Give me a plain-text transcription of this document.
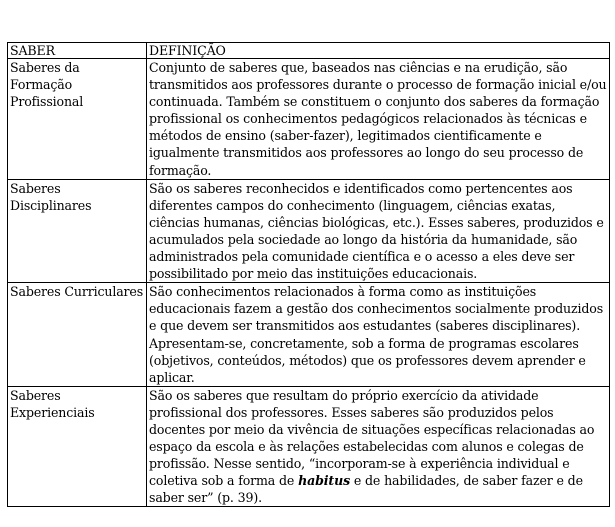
SABER	DEFINIÇÃO
Saberes da Formação Profissional	Conjunto de saberes que, baseados nas ciências e na erudição, são transmitidos aos professores durante o processo de formação inicial e/ou continuada. Também se constituem o conjunto dos saberes da formação profissional os conhecimentos pedagógicos relacionados às técnicas e métodos de ensino (saber-fazer), legitimados cientificamente e igualmente transmitidos aos professores ao longo do seu processo de formação.
Saberes Disciplinares	São os saberes reconhecidos e identificados como pertencentes aos diferentes campos do conhecimento (linguagem, ciências exatas, ciências humanas, ciências biológicas, etc.). Esses saberes, produzidos e acumulados pela sociedade ao longo da história da humanidade, são administrados pela comunidade científica e o acesso a eles deve ser possibilitado por meio das instituições educacionais.
Saberes Curriculares	São conhecimentos relacionados à forma como as instituições educacionais fazem a gestão dos conhecimentos socialmente produzidos e que devem ser transmitidos aos estudantes (saberes disciplinares). Apresentam-se, concretamente, sob a forma de programas escolares (objetivos, conteúdos, métodos) que os professores devem aprender e aplicar.
Saberes Experienciais	São os saberes que resultam do próprio exercício da atividade profissional dos professores. Esses saberes são produzidos pelos docentes por meio da vivência de situações específicas relacionadas ao espaço da escola e às relações estabelecidas com alunos e colegas de profissão. Nesse sentido, “incorporam-se à experiência individual e coletiva sob a forma de habitus e de habilidades, de saber fazer e de saber ser” (p. 39).
